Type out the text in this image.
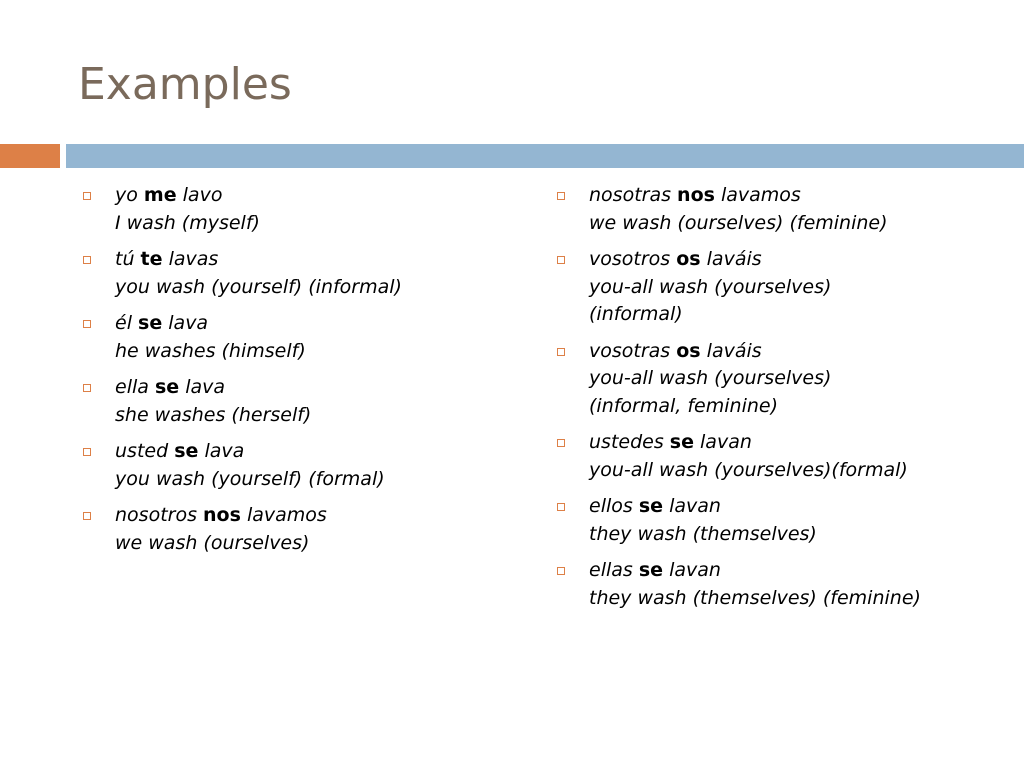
Examples
yo me lavo
I wash (myself)
tú te lavas
you wash (yourself) (informal)
él se lava
he washes (himself)
ella se lava
she washes (herself)
usted se lava
you wash (yourself) (formal)
nosotros nos lavamos
we wash (ourselves)
nosotras nos lavamos
we wash (ourselves) (feminine)
vosotros os laváis
you-all wash (yourselves)
(informal)
vosotras os laváis
you-all wash (yourselves)
(informal, feminine)
ustedes se lavan
you-all wash (yourselves)(formal)
ellos se lavan
they wash (themselves)
ellas se lavan
they wash (themselves) (feminine)
